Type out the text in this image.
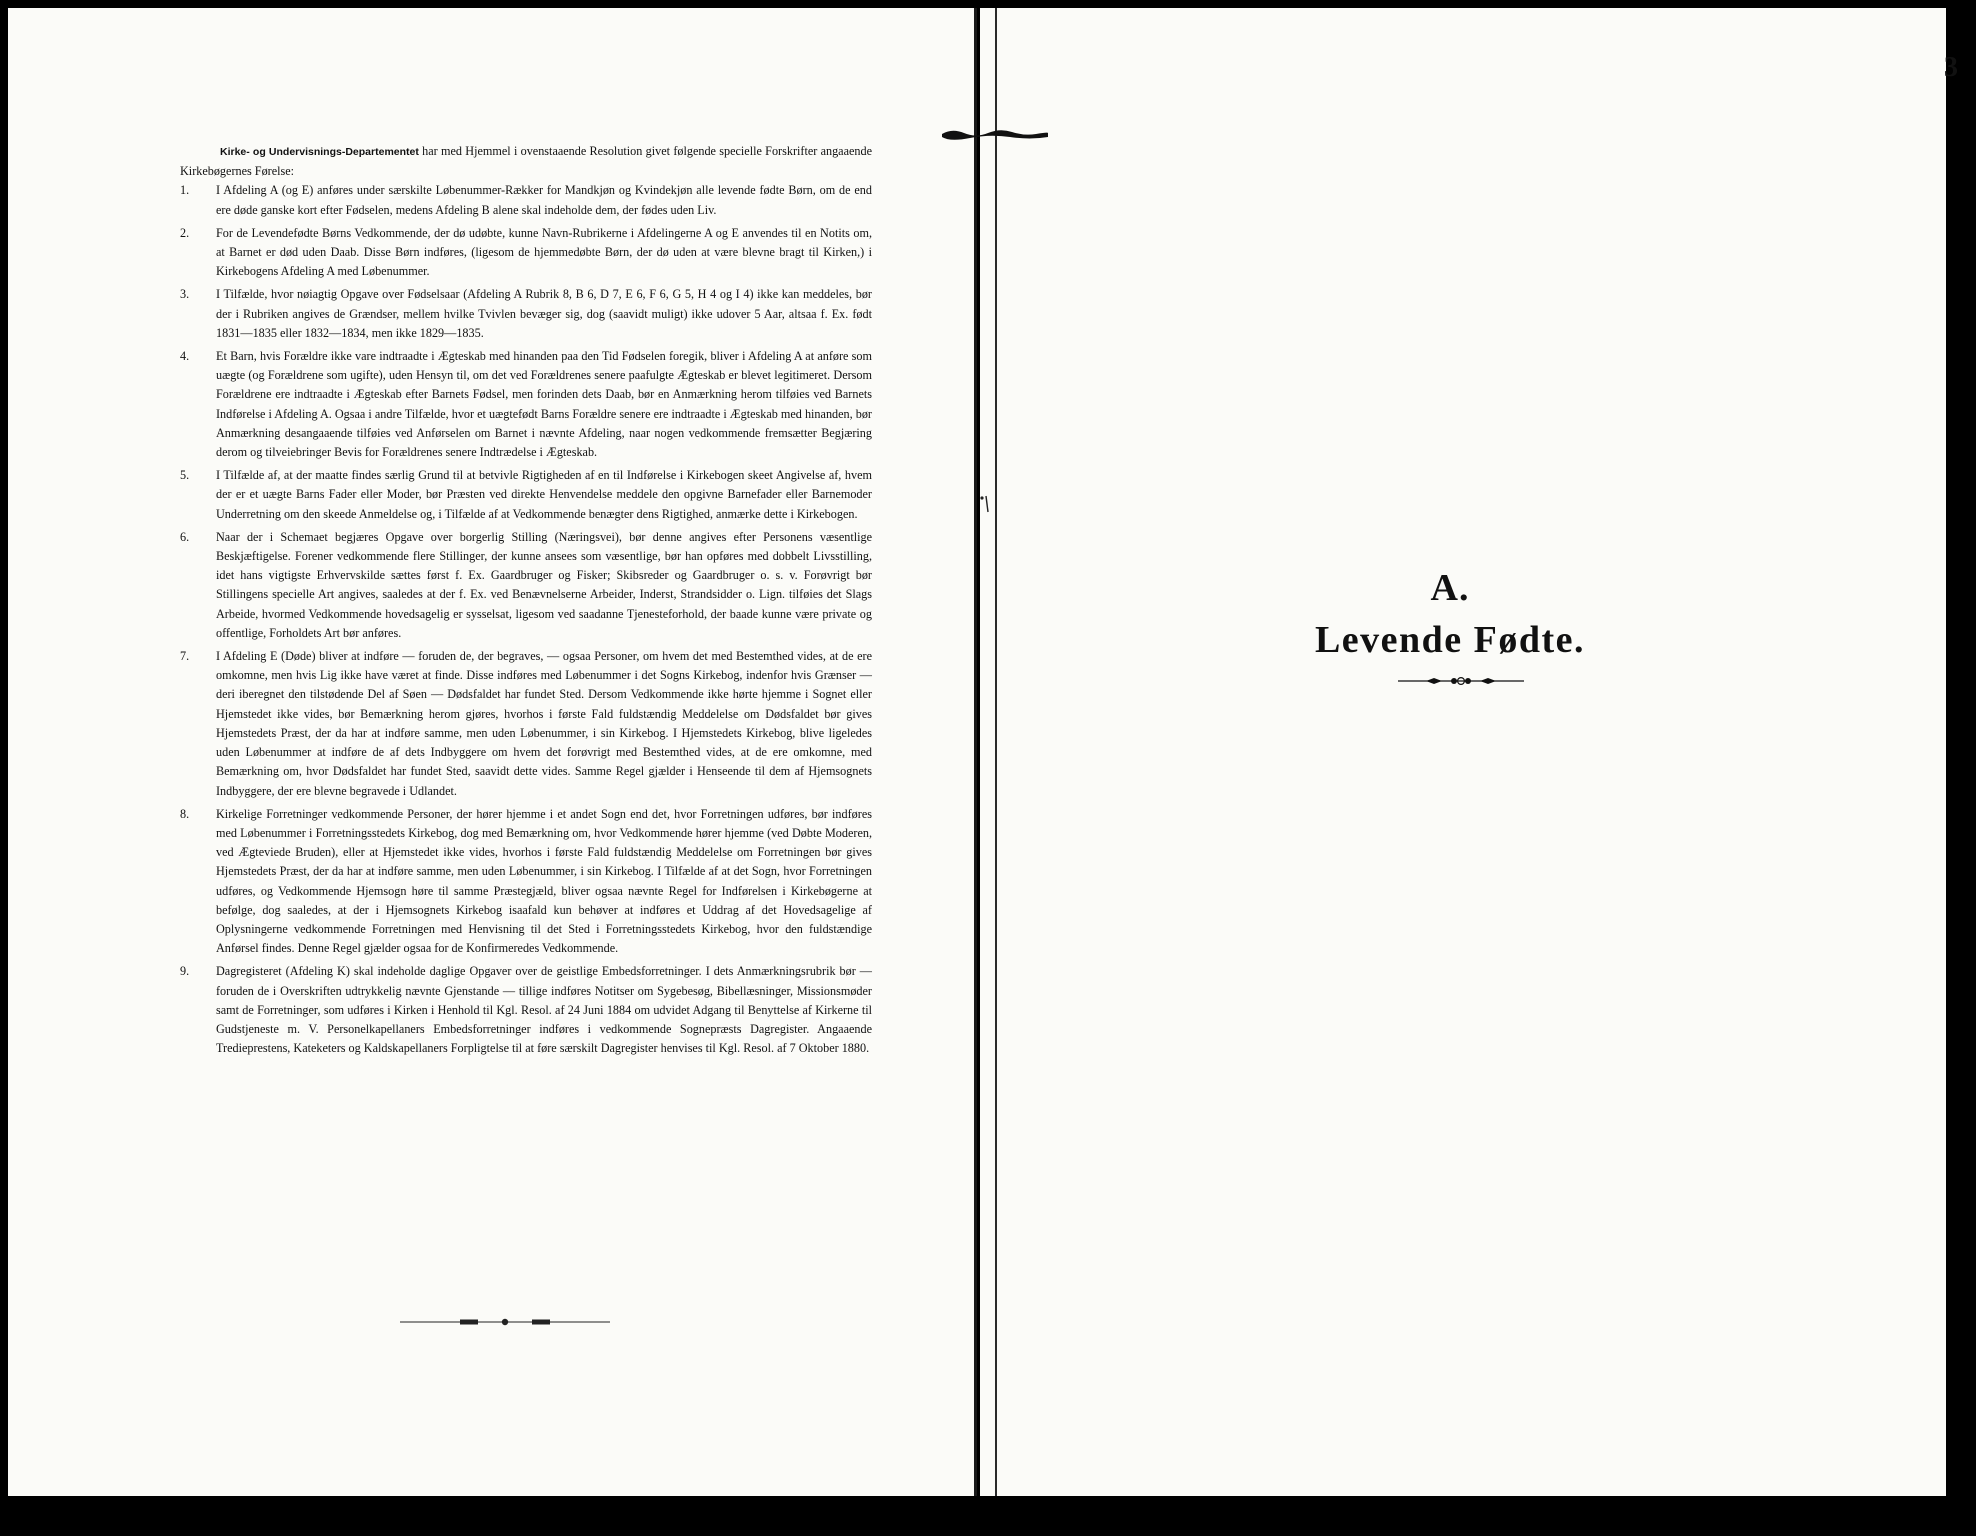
Kirke- og Undervisnings-Departementet har med Hjemmel i ovenstaaende Resolution givet følgende specielle Forskrifter angaaende Kirkebøgernes Førelse:

1.	I Afdeling A (og E) anføres under særskilte Løbenummer-Rækker for Mandkjøn og Kvindekjøn alle levende fødte Børn, om de end ere døde ganske kort efter Fødselen, medens Afdeling B alene skal indeholde dem, der fødes uden Liv.

2.	For de Levendefødte Børns Vedkommende, der dø udøbte, kunne Navn-Rubrikerne i Afdelingerne A og E anvendes til en Notits om, at Barnet er død uden Daab. Disse Børn indføres, (ligesom de hjemmedøbte Børn, der dø uden at være blevne bragt til Kirken,) i Kirkebogens Afdeling A med Løbenummer.

3.	I Tilfælde, hvor nøiagtig Opgave over Fødselsaar (Afdeling A Rubrik 8, B 6, D 7, E 6, F 6, G 5, H 4 og I 4) ikke kan meddeles, bør der i Rubriken angives de Grændser, mellem hvilke Tvivlen bevæger sig, dog (saavidt muligt) ikke udover 5 Aar, altsaa f. Ex. født 1831—1835 eller 1832—1834, men ikke 1829—1835.

4.	Et Barn, hvis Forældre ikke vare indtraadte i Ægteskab med hinanden paa den Tid Fødselen foregik, bliver i Afdeling A at anføre som uægte (og Forældrene som ugifte), uden Hensyn til, om det ved Forældrenes senere paafulgte Ægteskab er blevet legitimeret. Dersom Forældrene ere indtraadte i Ægteskab efter Barnets Fødsel, men forinden dets Daab, bør en Anmærkning herom tilføies ved Barnets Indførelse i Afdeling A. Ogsaa i andre Tilfælde, hvor et uægtefødt Barns Forældre senere ere indtraadte i Ægteskab med hinanden, bør Anmærkning desangaaende tilføies ved Anførselen om Barnet i nævnte Afdeling, naar nogen vedkommende fremsætter Begjæring derom og tilveiebringer Bevis for Forældrenes senere Indtrædelse i Ægteskab.

5.	I Tilfælde af, at der maatte findes særlig Grund til at betvivle Rigtigheden af en til Indførelse i Kirkebogen skeet Angivelse af, hvem der er et uægte Barns Fader eller Moder, bør Præsten ved direkte Henvendelse meddele den opgivne Barnefader eller Barnemoder Underretning om den skeede Anmeldelse og, i Tilfælde af at Vedkommende benægter dens Rigtighed, anmærke dette i Kirkebogen.

6.	Naar der i Schemaet begjæres Opgave over borgerlig Stilling (Næringsvei), bør denne angives efter Personens væsentlige Beskjæftigelse. Forener vedkommende flere Stillinger, der kunne ansees som væsentlige, bør han opføres med dobbelt Livsstilling, idet hans vigtigste Erhvervskilde sættes først f. Ex. Gaardbruger og Fisker; Skibsreder og Gaardbruger o. s. v. Forøvrigt bør Stillingens specielle Art angives, saaledes at der f. Ex. ved Benævnelserne Arbeider, Inderst, Strandsidder o. Lign. tilføies det Slags Arbeide, hvormed Vedkommende hovedsagelig er sysselsat, ligesom ved saadanne Tjenesteforhold, der baade kunne være private og offentlige, Forholdets Art bør anføres.

7.	I Afdeling E (Døde) bliver at indføre — foruden de, der begraves, — ogsaa Personer, om hvem det med Bestemthed vides, at de ere omkomne, men hvis Lig ikke have været at finde. Disse indføres med Løbenummer i det Sogns Kirkebog, indenfor hvis Grænser — deri iberegnet den tilstødende Del af Søen — Dødsfaldet har fundet Sted. Dersom Vedkommende ikke hørte hjemme i Sognet eller Hjemstedet ikke vides, bør Bemærkning herom gjøres, hvorhos i første Fald fuldstændig Meddelelse om Dødsfaldet bør gives Hjemstedets Præst, der da har at indføre samme, men uden Løbenummer, i sin Kirkebog. I Hjemstedets Kirkebog, blive ligeledes uden Løbenummer at indføre de af dets Indbyggere om hvem det forøvrigt med Bestemthed vides, at de ere omkomne, med Bemærkning om, hvor Dødsfaldet har fundet Sted, saavidt dette vides. Samme Regel gjælder i Henseende til dem af Hjemsognets Indbyggere, der ere blevne begravede i Udlandet.

8.	Kirkelige Forretninger vedkommende Personer, der hører hjemme i et andet Sogn end det, hvor Forretningen udføres, bør indføres med Løbenummer i Forretningsstedets Kirkebog, dog med Bemærkning om, hvor Vedkommende hører hjemme (ved Døbte Moderen, ved Ægteviede Bruden), eller at Hjemstedet ikke vides, hvorhos i første Fald fuldstændig Meddelelse om Forretningen bør gives Hjemstedets Præst, der da har at indføre samme, men uden Løbenummer, i sin Kirkebog. I Tilfælde af at det Sogn, hvor Forretningen udføres, og Vedkommende Hjemsogn høre til samme Præstegjæld, bliver ogsaa nævnte Regel for Indførelsen i Kirkebøgerne at befølge, dog saaledes, at der i Hjemsognets Kirkebog isaafald kun behøver at indføres et Uddrag af det Hovedsagelige af Oplysningerne vedkommende Forretningen med Henvisning til det Sted i Forretningsstedets Kirkebog, hvor den fuldstændige Anførsel findes. Denne Regel gjælder ogsaa for de Konfirmeredes Vedkommende.

9.	Dagregisteret (Afdeling K) skal indeholde daglige Opgaver over de geistlige Embedsforretninger. I dets Anmærkningsrubrik bør — foruden de i Overskriften udtrykkelig nævnte Gjenstande — tillige indføres Notitser om Sygebesøg, Bibellæsninger, Missionsmøder samt de Forretninger, som udføres i Kirken i Henhold til Kgl. Resol. af 24 Juni 1884 om udvidet Adgang til Benyttelse af Kirkerne til Gudstjeneste m. V. Personelkapellaners Embedsforretninger indføres i vedkommende Sognepræsts Dagregister. Angaaende Tredieprestens, Kateketers og Kaldskapellaners Forpligtelse til at føre særskilt Dagregister henvises til Kgl. Resol. af 7 Oktober 1880.

3
A.
Levende Fødte.
